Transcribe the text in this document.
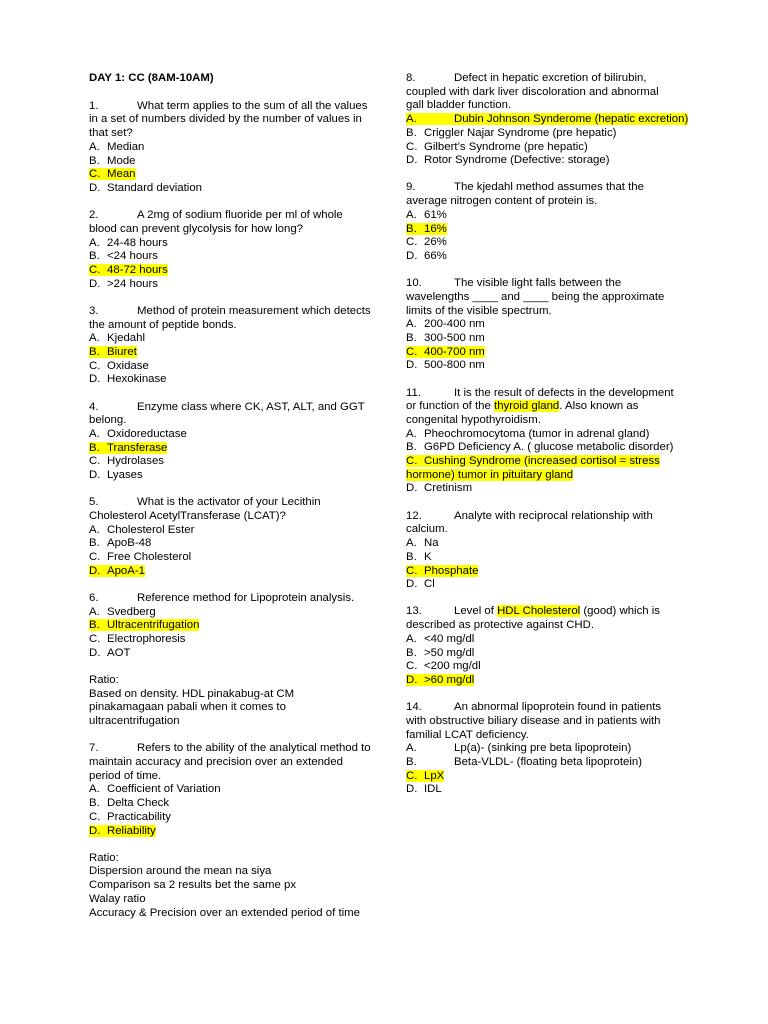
DAY 1: CC (8AM-10AM)

1.	What term applies to the sum of all the values in a set of numbers divided by the number of values in that set?

A. Median

B. Mode

C. Mean

D. Standard deviation

2.	A 2mg of sodium fluoride per ml of whole blood can prevent glycolysis for how long?

A. 24-48 hours

B. <24 hours

C. 48-72 hours

D. >24 hours

3.	Method of protein measurement which detects the amount of peptide bonds.

A. Kjedahl

B. Biuret

C. Oxidase

D. Hexokinase

4.	Enzyme class where CK, AST, ALT, and GGT belong.

A. Oxidoreductase

B. Transferase

C. Hydrolases

D. Lyases

5.	What is the activator of your Lecithin Cholesterol AcetylTransferase (LCAT)?

A. Cholesterol Ester

B. ApoB-48

C. Free Cholesterol

D. ApoA-1

6.	Reference method for Lipoprotein analysis.

A. Svedberg

B. Ultracentrifugation

C. Electrophoresis

D. AOT

Ratio:

Based on density. HDL pinakabug-at CM pinakamagaan pabali when it comes to ultracentrifugation

7.	Refers to the ability of the analytical method to maintain accuracy and precision over an extended period of time.

A. Coefficient of Variation

B. Delta Check

C. Practicability

D. Reliability

Ratio:

Dispersion around the mean na siya

Comparison sa 2 results bet the same px

Walay ratio

Accuracy & Precision over an extended period of time

8.	Defect in hepatic excretion of bilirubin, coupled with dark liver discoloration and abnormal gall bladder function.

A.	Dubin Johnson Synderome (hepatic excretion)

B. Criggler Najar Syndrome (pre hepatic)

C. Gilbert’s Syndrome (pre hepatic)

D. Rotor Syndrome (Defective: storage)

9.	The kjedahl method assumes that the average nitrogen content of protein is.

A. 61%

B. 16%

C. 26%

D. 66%

10.	The visible light falls between the wavelengths ____ and ____ being the approximate limits of the visible spectrum.

A. 200-400 nm

B. 300-500 nm

C. 400-700 nm

D. 500-800 nm

11.	It is the result of defects in the development or function of the thyroid gland. Also known as congenital hypothyroidism.

A. Pheochromocytoma (tumor in adrenal gland)

B. G6PD Deficiency A. ( glucose metabolic disorder)

C. Cushing Syndrome (increased cortisol = stress hormone) tumor in pituitary gland

D. Cretinism

12.	Analyte with reciprocal relationship with calcium.

A. Na

B. K

C. Phosphate

D. Cl

13.	Level of HDL Cholesterol (good) which is described as protective against CHD.

A. <40 mg/dl

B. >50 mg/dl

C. <200 mg/dl

D. >60 mg/dl

14.	An abnormal lipoprotein found in patients with obstructive biliary disease and in patients with familial LCAT deficiency.

A.	Lp(a)- (sinking pre beta lipoprotein)

B.	Beta-VLDL- (floating beta lipoprotein)

C. LpX

D. IDL
